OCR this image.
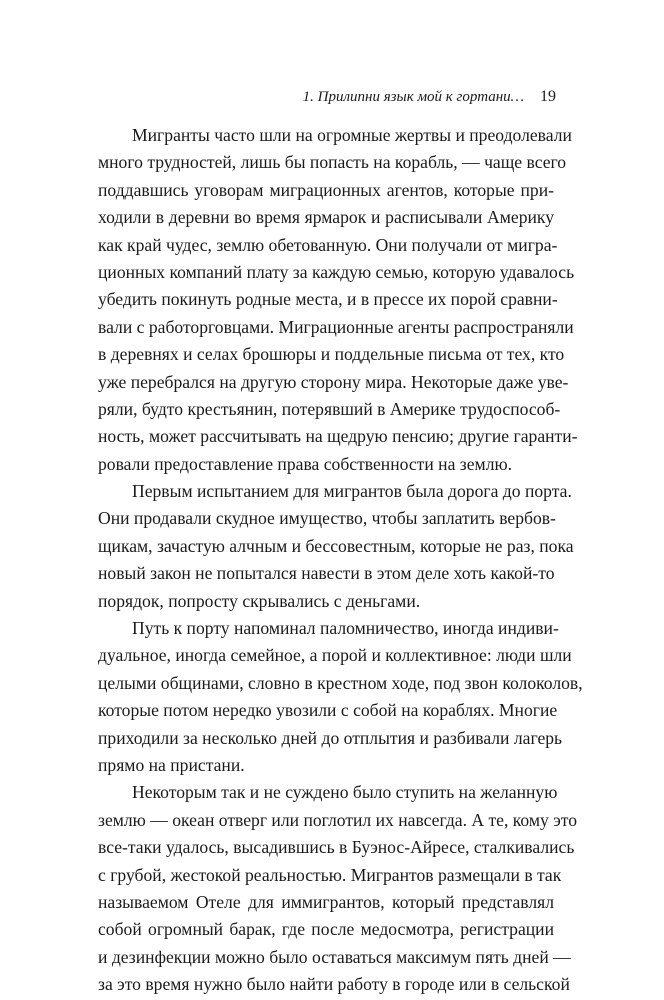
1. Прилипни язык мой к гортани… 19
Мигранты часто шли на огромные жертвы и преодолевали
много трудностей, лишь бы попасть на корабль, — чаще всего
поддавшись уговорам миграционных агентов, которые при-
ходили в деревни во время ярмарок и расписывали Америку
как край чудес, землю обетованную. Они получали от мигра-
ционных компаний плату за каждую семью, которую удавалось
убедить покинуть родные места, и в прессе их порой сравни-
вали с работорговцами. Миграционные агенты распространяли
в деревнях и селах брошюры и поддельные письма от тех, кто
уже перебрался на другую сторону мира. Некоторые даже уве-
ряли, будто крестьянин, потерявший в Америке трудоспособ-
ность, может рассчитывать на щедрую пенсию; другие гаранти-
ровали предоставление права собственности на землю.
Первым испытанием для мигрантов была дорога до порта.
Они продавали скудное имущество, чтобы заплатить вербов-
щикам, зачастую алчным и бессовестным, которые не раз, пока
новый закон не попытался навести в этом деле хоть какой-то
порядок, попросту скрывались с деньгами.
Путь к порту напоминал паломничество, иногда индиви-
дуальное, иногда семейное, а порой и коллективное: люди шли
целыми общинами, словно в крестном ходе, под звон колоколов,
которые потом нередко увозили с собой на кораблях. Многие
приходили за несколько дней до отплытия и разбивали лагерь
прямо на пристани.
Некоторым так и не суждено было ступить на желанную
землю — океан отверг или поглотил их навсегда. А те, кому это
все-таки удалось, высадившись в Буэнос-Айресе, сталкивались
с грубой, жестокой реальностью. Мигрантов размещали в так
называемом Отеле для иммигрантов, который представлял
собой огромный барак, где после медосмотра, регистрации
и дезинфекции можно было оставаться максимум пять дней —
за это время нужно было найти работу в городе или в сельской
